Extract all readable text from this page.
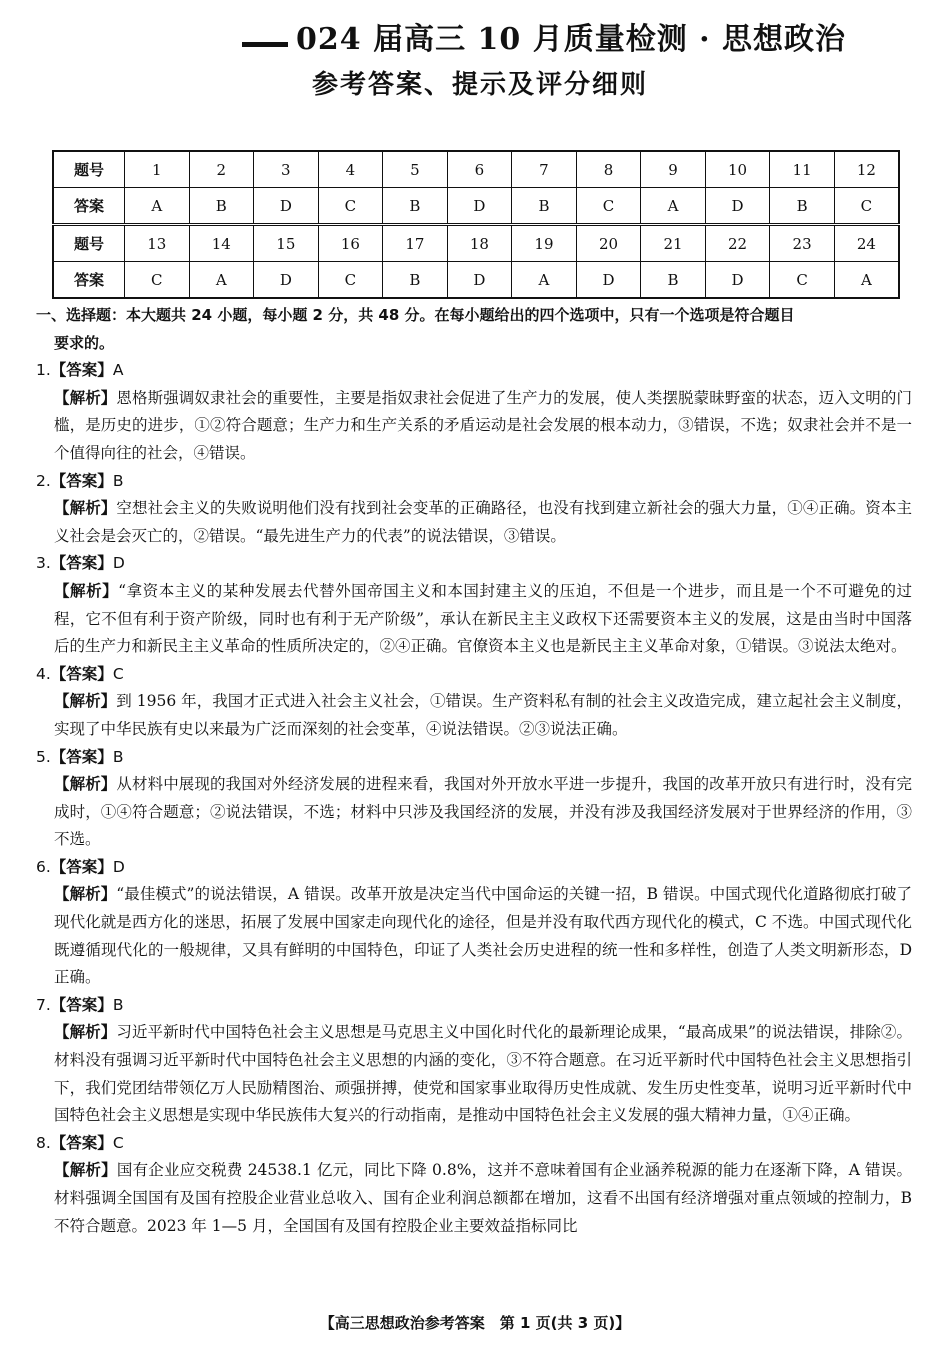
024 届高三 10 月质量检测 · 思想政治
参考答案、提示及评分细则
题号	1	2	3	4	5	6	7	8	9	10	11	12
答案	A	B	D	C	B	D	B	C	A	D	B	C
题号	13	14	15	16	17	18	19	20	21	22	23	24
答案	C	A	D	C	B	D	A	D	B	D	C	A

一、选择题：本大题共 24 小题，每小题 2 分，共 48 分。在每小题给出的四个选项中，只有一个选项是符合题目
要求的。

1.【答案】A

【解析】恩格斯强调奴隶社会的重要性，主要是指奴隶社会促进了生产力的发展，使人类摆脱蒙昧野蛮的状态，迈入文明的门槛，是历史的进步，①②符合题意；生产力和生产关系的矛盾运动是社会发展的根本动力，③错误，不选；奴隶社会并不是一个值得向往的社会，④错误。

2.【答案】B

【解析】空想社会主义的失败说明他们没有找到社会变革的正确路径，也没有找到建立新社会的强大力量，①④正确。资本主义社会是会灭亡的，②错误。“最先进生产力的代表”的说法错误，③错误。

3.【答案】D

【解析】“拿资本主义的某种发展去代替外国帝国主义和本国封建主义的压迫，不但是一个进步，而且是一个不可避免的过程，它不但有利于资产阶级，同时也有利于无产阶级”，承认在新民主主义政权下还需要资本主义的发展，这是由当时中国落后的生产力和新民主主义革命的性质所决定的，②④正确。官僚资本主义也是新民主主义革命对象，①错误。③说法太绝对。

4.【答案】C

【解析】到 1956 年，我国才正式进入社会主义社会，①错误。生产资料私有制的社会主义改造完成，建立起社会主义制度，实现了中华民族有史以来最为广泛而深刻的社会变革，④说法错误。②③说法正确。

5.【答案】B

【解析】从材料中展现的我国对外经济发展的进程来看，我国对外开放水平进一步提升，我国的改革开放只有进行时，没有完成时，①④符合题意；②说法错误，不选；材料中只涉及我国经济的发展，并没有涉及我国经济发展对于世界经济的作用，③不选。

6.【答案】D

【解析】“最佳模式”的说法错误，A 错误。改革开放是决定当代中国命运的关键一招，B 错误。中国式现代化道路彻底打破了现代化就是西方化的迷思，拓展了发展中国家走向现代化的途径，但是并没有取代西方现代化的模式，C 不选。中国式现代化既遵循现代化的一般规律，又具有鲜明的中国特色，印证了人类社会历史进程的统一性和多样性，创造了人类文明新形态，D 正确。

7.【答案】B

【解析】习近平新时代中国特色社会主义思想是马克思主义中国化时代化的最新理论成果，“最高成果”的说法错误，排除②。材料没有强调习近平新时代中国特色社会主义思想的内涵的变化，③不符合题意。在习近平新时代中国特色社会主义思想指引下，我们党团结带领亿万人民励精图治、顽强拼搏，使党和国家事业取得历史性成就、发生历史性变革，说明习近平新时代中国特色社会主义思想是实现中华民族伟大复兴的行动指南，是推动中国特色社会主义发展的强大精神力量，①④正确。

8.【答案】C

【解析】国有企业应交税费 24538.1 亿元，同比下降 0.8%，这并不意味着国有企业涵养税源的能力在逐渐下降，A 错误。材料强调全国国有及国有控股企业营业总收入、国有企业利润总额都在增加，这看不出国有经济增强对重点领域的控制力，B 不符合题意。2023 年 1—5 月，全国国有及国有控股企业主要效益指标同比

【高三思想政治参考答案　第 1 页(共 3 页)】
